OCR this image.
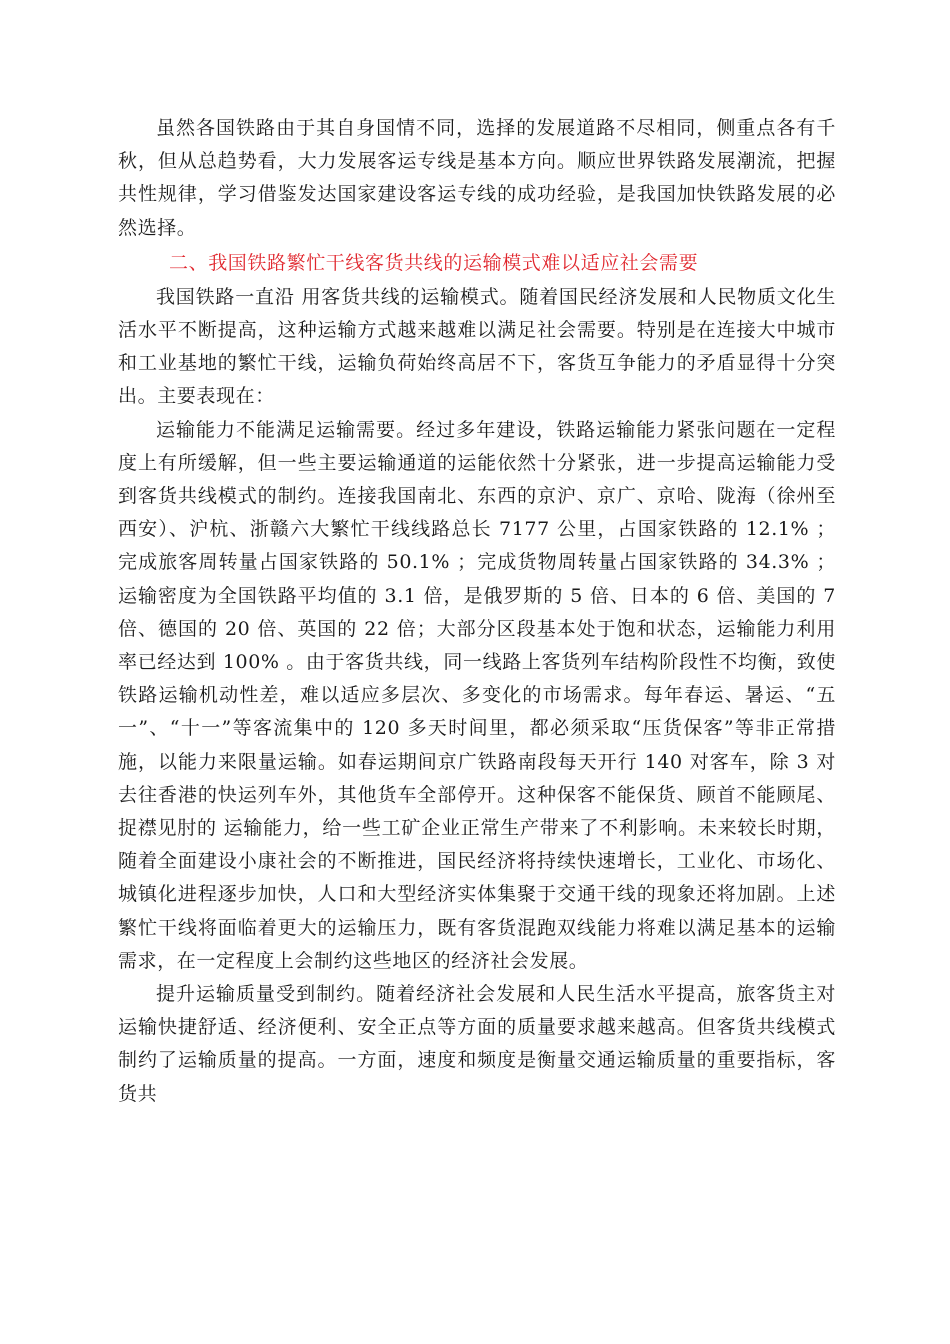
虽然各国铁路由于其自身国情不同，选择的发展道路不尽相同，侧重点各有千秋，但从总趋势看，大力发展客运专线是基本方向。顺应世界铁路发展潮流，把握共性规律，学习借鉴发达国家建设客运专线的成功经验，是我国加快铁路发展的必然选择。

二、我国铁路繁忙干线客货共线的运输模式难以适应社会需要

我国铁路一直沿 用客货共线的运输模式。随着国民经济发展和人民物质文化生活水平不断提高，这种运输方式越来越难以满足社会需要。特别是在连接大中城市和工业基地的繁忙干线，运输负荷始终高居不下，客货互争能力的矛盾显得十分突出。主要表现在：

运输能力不能满足运输需要。经过多年建设，铁路运输能力紧张问题在一定程度上有所缓解，但一些主要运输通道的运能依然十分紧张，进一步提高运输能力受到客货共线模式的制约。连接我国南北、东西的京沪、京广、京哈、陇海（徐州至西安）、沪杭、浙赣六大繁忙干线线路总长 7177 公里，占国家铁路的 12.1% ；完成旅客周转量占国家铁路的 50.1% ；完成货物周转量占国家铁路的 34.3% ；运输密度为全国铁路平均值的 3.1 倍，是俄罗斯的 5 倍、日本的 6 倍、美国的 7 倍、德国的 20 倍、英国的 22 倍；大部分区段基本处于饱和状态，运输能力利用率已经达到 100% 。由于客货共线，同一线路上客货列车结构阶段性不均衡，致使铁路运输机动性差，难以适应多层次、多变化的市场需求。每年春运、暑运、“五一”、“十一”等客流集中的 120 多天时间里，都必须采取“压货保客”等非正常措施，以能力来限量运输。如春运期间京广铁路南段每天开行 140 对客车，除 3 对去往香港的快运列车外，其他货车全部停开。这种保客不能保货、顾首不能顾尾、捉襟见肘的 运输能力，给一些工矿企业正常生产带来了不利影响。未来较长时期，随着全面建设小康社会的不断推进，国民经济将持续快速增长，工业化、市场化、城镇化进程逐步加快，人口和大型经济实体集聚于交通干线的现象还将加剧。上述繁忙干线将面临着更大的运输压力，既有客货混跑双线能力将难以满足基本的运输需求，在一定程度上会制约这些地区的经济社会发展。

提升运输质量受到制约。随着经济社会发展和人民生活水平提高，旅客货主对运输快捷舒适、经济便利、安全正点等方面的质量要求越来越高。但客货共线模式制约了运输质量的提高。一方面，速度和频度是衡量交通运输质量的重要指标，客货共
